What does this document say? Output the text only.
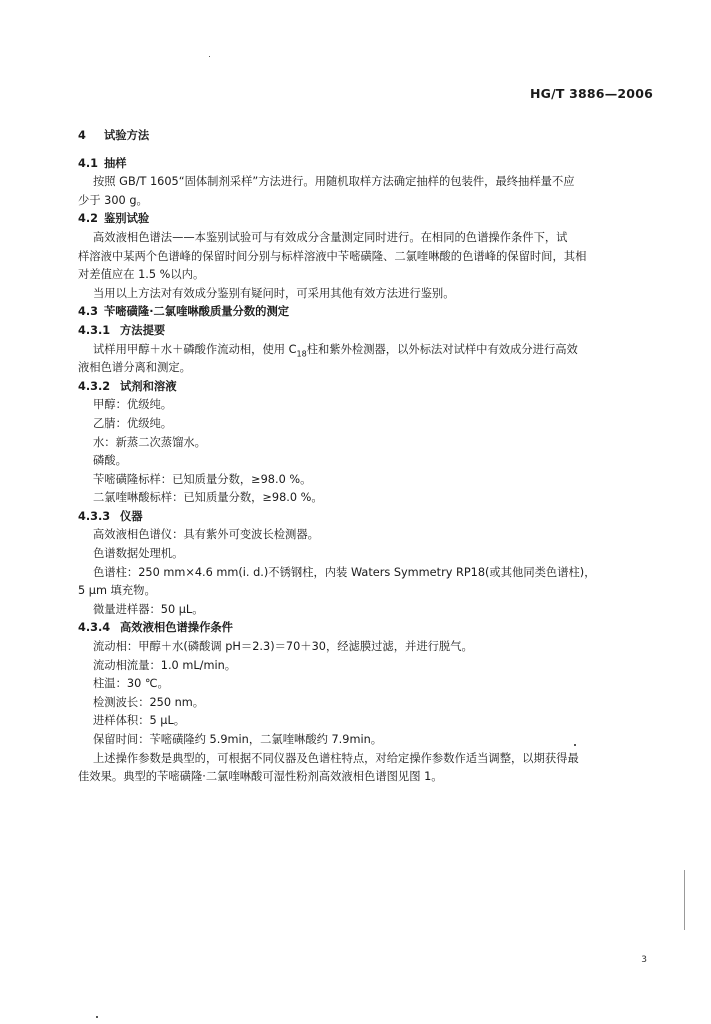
HG/T 3886—2006
4 试验方法
4.1 抽样
按照 GB/T 1605“固体制剂采样”方法进行。用随机取样方法确定抽样的包装件，最终抽样量不应
少于 300 g。
4.2 鉴别试验
高效液相色谱法——本鉴别试验可与有效成分含量测定同时进行。在相同的色谱操作条件下，试
样溶液中某两个色谱峰的保留时间分别与标样溶液中苄嘧磺隆、二氯喹啉酸的色谱峰的保留时间，其相
对差值应在 1.5 %以内。
当用以上方法对有效成分鉴别有疑问时，可采用其他有效方法进行鉴别。
4.3 苄嘧磺隆·二氯喹啉酸质量分数的测定
4.3.1 方法提要
试样用甲醇＋水＋磷酸作流动相，使用 $C_{18}$柱和紫外检测器，以外标法对试样中有效成分进行高效
液相色谱分离和测定。
4.3.2 试剂和溶液
甲醇：优级纯。
乙腈：优级纯。
水：新蒸二次蒸馏水。
磷酸。
苄嘧磺隆标样：已知质量分数，≥98.0 %。
二氯喹啉酸标样：已知质量分数，≥98.0 %。
4.3.3 仪器
高效液相色谱仪：具有紫外可变波长检测器。
色谱数据处理机。
色谱柱：250 mm×4.6 mm(i. d.)不锈钢柱，内装 Waters Symmetry RP18(或其他同类色谱柱)，
5 μm 填充物。
微量进样器：50 μL。
4.3.4 高效液相色谱操作条件
流动相：甲醇＋水(磷酸调 pH＝2.3)＝70＋30，经滤膜过滤，并进行脱气。
流动相流量：1.0 mL/min。
柱温：30 ℃。
检测波长：250 nm。
进样体积：5 μL。
保留时间：苄嘧磺隆约 5.9min，二氯喹啉酸约 7.9min。
上述操作参数是典型的，可根据不同仪器及色谱柱特点，对给定操作参数作适当调整，以期获得最
佳效果。典型的苄嘧磺隆·二氯喹啉酸可湿性粉剂高效液相色谱图见图 1。
3
